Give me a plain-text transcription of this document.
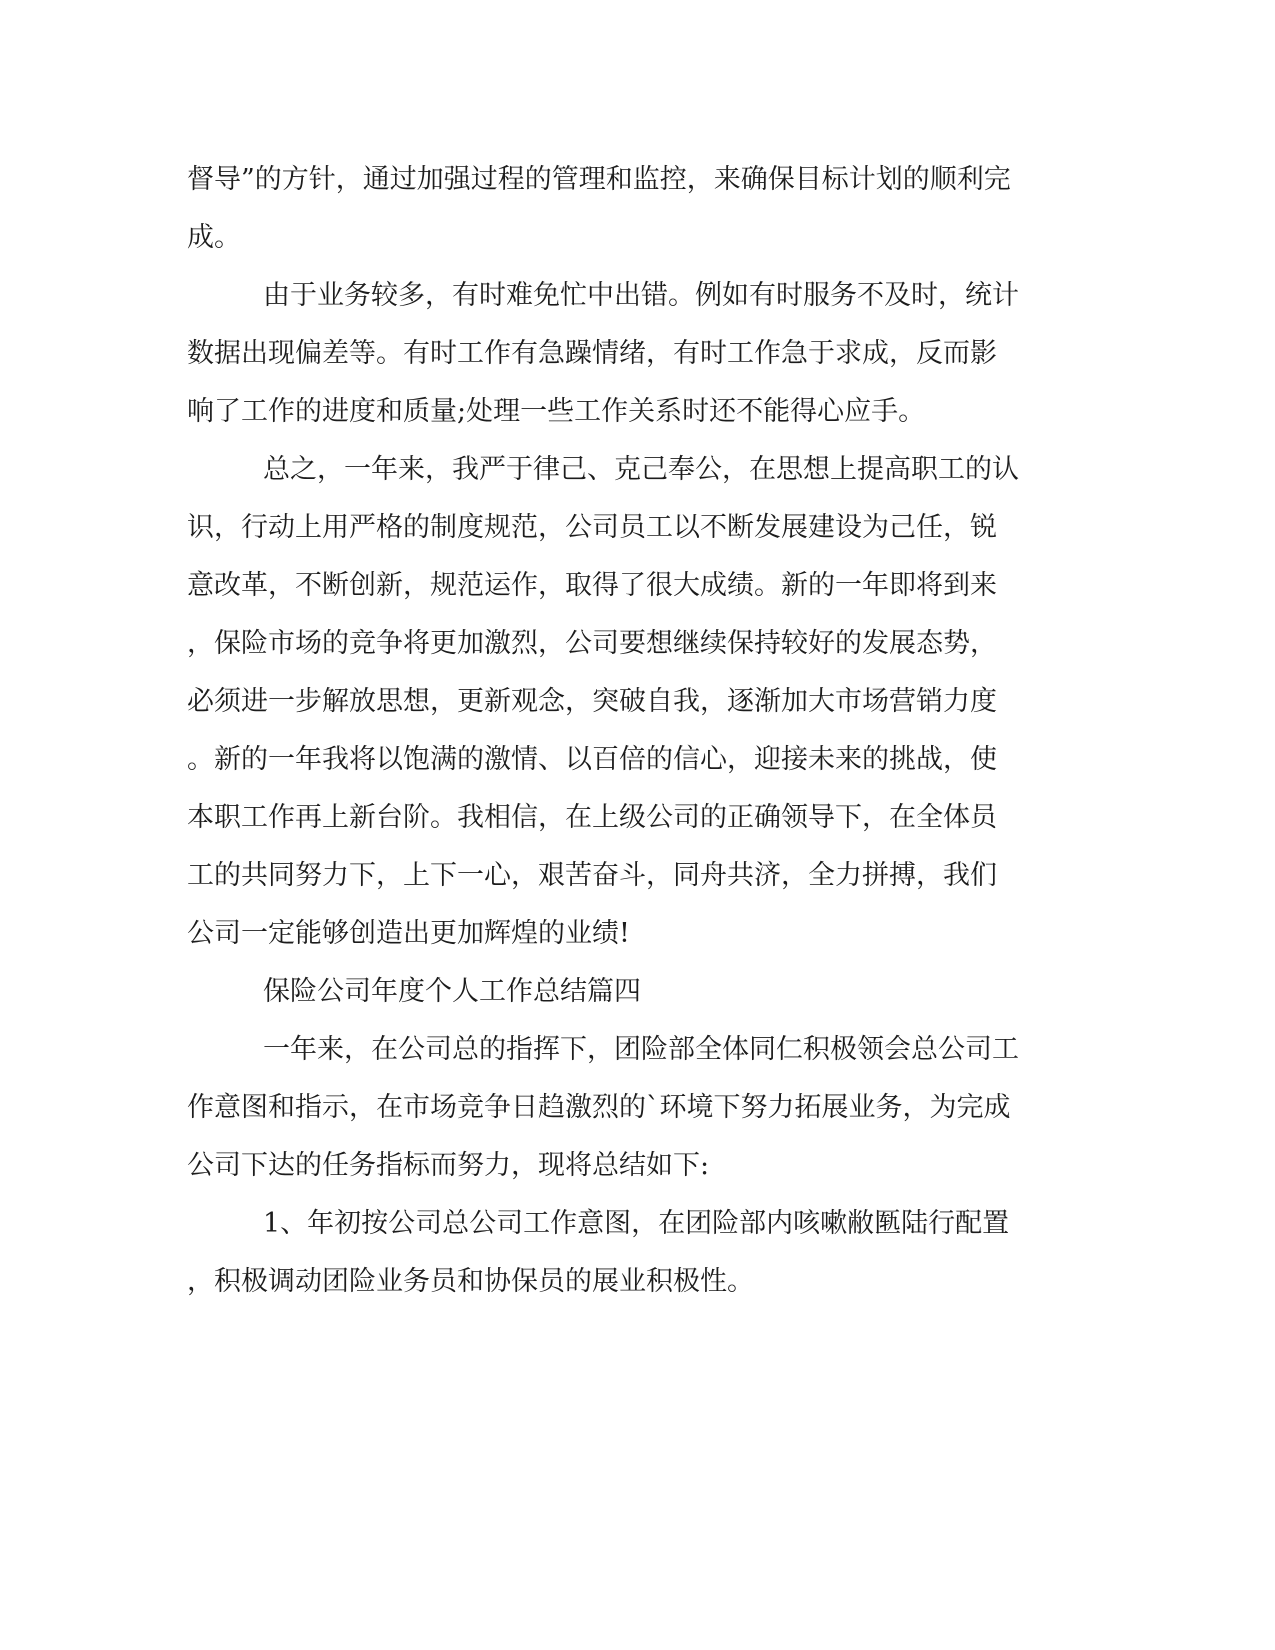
督导”的方针，通过加强过程的管理和监控，来确保目标计划的顺利完
成。
由于业务较多，有时难免忙中出错。例如有时服务不及时，统计
数据出现偏差等。有时工作有急躁情绪，有时工作急于求成，反而影
响了工作的进度和质量;处理一些工作关系时还不能得心应手。
总之，一年来，我严于律己、克己奉公，在思想上提高职工的认
识，行动上用严格的制度规范，公司员工以不断发展建设为己任，锐
意改革，不断创新，规范运作，取得了很大成绩。新的一年即将到来
，保险市场的竞争将更加激烈，公司要想继续保持较好的发展态势，
必须进一步解放思想，更新观念，突破自我，逐渐加大市场营销力度
。新的一年我将以饱满的激情、以百倍的信心，迎接未来的挑战，使
本职工作再上新台阶。我相信，在上级公司的正确领导下，在全体员
工的共同努力下，上下一心，艰苦奋斗，同舟共济，全力拼搏，我们
公司一定能够创造出更加辉煌的业绩!
保险公司年度个人工作总结篇四
一年来，在公司总的指挥下，团险部全体同仁积极领会总公司工
作意图和指示，在市场竞争日趋激烈的`环境下努力拓展业务，为完成
公司下达的任务指标而努力，现将总结如下:
1、年初按公司总公司工作意图，在团险部内咳嗽敝匦陆行配置
，积极调动团险业务员和协保员的展业积极性。
